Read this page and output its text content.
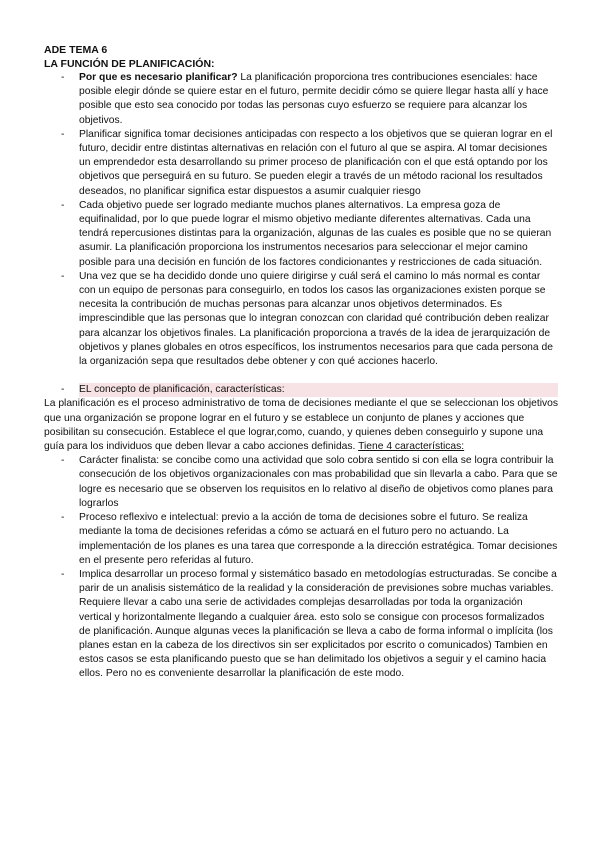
ADE TEMA 6
LA FUNCIÓN DE PLANIFICACIÓN:
- Por que es necesario planificar? La planificación proporciona tres contribuciones esenciales: hace posible elegir dónde se quiere estar en el futuro, permite decidir cómo se quiere llegar hasta allí y hace posible que esto sea conocido por todas las personas cuyo esfuerzo se requiere para alcanzar los objetivos.
- Planificar significa tomar decisiones anticipadas con respecto a los objetivos que se quieran lograr en el futuro, decidir entre distintas alternativas en relación con el futuro al que se aspira. Al tomar decisiones un emprendedor esta desarrollando su primer proceso de planificación con el que está optando por los objetivos que perseguirá en su futuro. Se pueden elegir a través de un método racional los resultados deseados, no planificar significa estar dispuestos a asumir cualquier riesgo
- Cada objetivo puede ser logrado mediante muchos planes alternativos. La empresa goza de equifinalidad, por lo que puede lograr el mismo objetivo mediante diferentes alternativas. Cada una tendrá repercusiones distintas para la organización, algunas de las cuales es posible que no se quieran asumir. La planificación proporciona los instrumentos necesarios para seleccionar el mejor camino posible para una decisión en función de los factores condicionantes y restricciones de cada situación.
- Una vez que se ha decidido donde uno quiere dirigirse y cuál será el camino lo más normal es contar con un equipo de personas para conseguirlo, en todos los casos las organizaciones existen porque se necesita la contribución de muchas personas para alcanzar unos objetivos determinados. Es imprescindible que las personas que lo integran conozcan con claridad qué contribución deben realizar para alcanzar los objetivos finales. La planificación proporciona a través de la idea de jerarquización de objetivos y planes globales en otros específicos, los instrumentos necesarios para que cada persona de la organización sepa que resultados debe obtener y con qué acciones hacerlo.
- EL concepto de planificación, características:

La planificación es el proceso administrativo de toma de decisiones mediante el que se seleccionan los objetivos que una organización se propone lograr en el futuro y se establece un conjunto de planes y acciones que posibilitan su consecución. Establece el que lograr,como, cuando, y quienes deben conseguirlo y supone una guía para los individuos que deben llevar a cabo acciones definidas. Tiene 4 características:

- Carácter finalista: se concibe como una actividad que solo cobra sentido si con ella se logra contribuir la consecución de los objetivos organizacionales con mas probabilidad que sin llevarla a cabo. Para que se logre es necesario que se observen los requisitos en lo relativo al diseño de objetivos como planes para lograrlos
- Proceso reflexivo e intelectual: previo a la acción de toma de decisiones sobre el futuro. Se realiza mediante la toma de decisiones referidas a cómo se actuará en el futuro pero no actuando. La implementación de los planes es una tarea que corresponde a la dirección estratégica. Tomar decisiones en el presente pero referidas al futuro.
- Implica desarrollar un proceso formal y sistemático basado en metodologías estructuradas. Se concibe a parir de un analisis sistemático de la realidad y la consideración de previsiones sobre muchas variables. Requiere llevar a cabo una serie de actividades complejas desarrolladas por toda la organización vertical y horizontalmente llegando a cualquier área. esto solo se consigue con procesos formalizados de planificación. Aunque algunas veces la planificación se lleva a cabo de forma informal o implícita (los planes estan en la cabeza de los directivos sin ser explicitados por escrito o comunicados) Tambien en estos casos se esta planificando puesto que se han delimitado los objetivos a seguir y el camino hacia ellos. Pero no es conveniente desarrollar la planificación de este modo.
